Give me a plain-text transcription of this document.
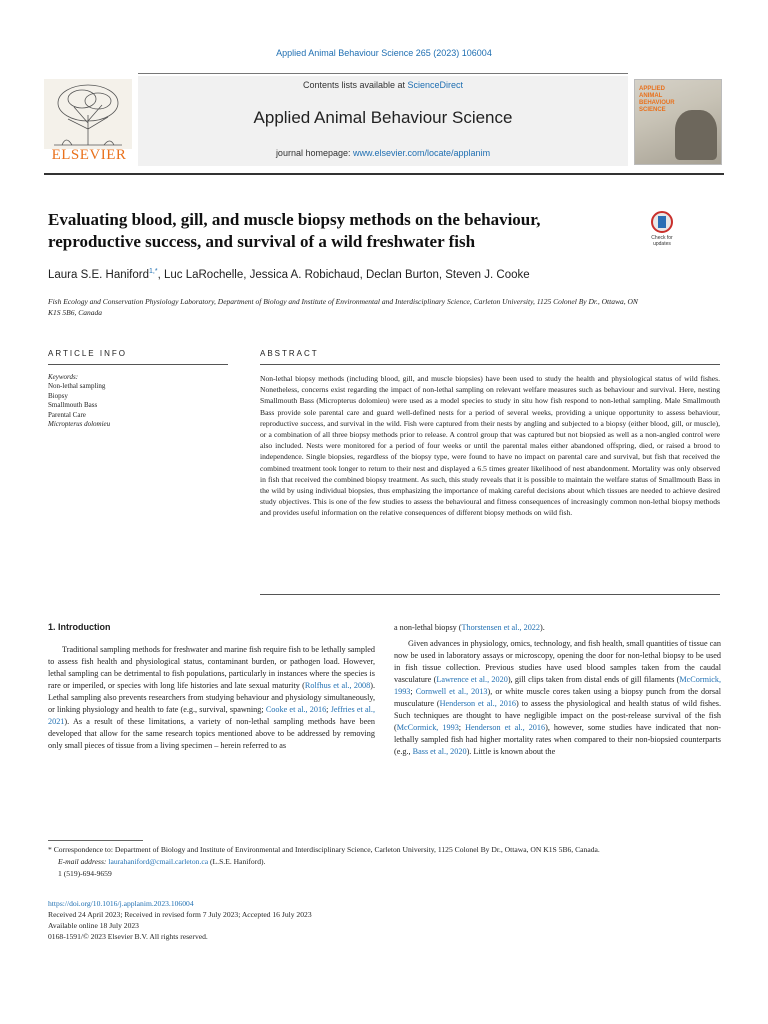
Applied Animal Behaviour Science 265 (2023) 106004
ELSEVIER
Contents lists available at ScienceDirect
Applied Animal Behaviour Science
journal homepage: www.elsevier.com/locate/applanim
APPLIED ANIMAL BEHAVIOUR SCIENCE
Evaluating blood, gill, and muscle biopsy methods on the behaviour, reproductive success, and survival of a wild freshwater fish	Check for updates
Laura S.E. Haniford$^{1,*}$, Luc LaRochelle, Jessica A. Robichaud, Declan Burton, Steven J. Cooke
Fish Ecology and Conservation Physiology Laboratory, Department of Biology and Institute of Environmental and Interdisciplinary Science, Carleton University, 1125 Colonel By Dr., Ottawa, ON K1S 5B6, Canada
ARTICLE INFO
Keywords:
Non-lethal sampling
Biopsy
Smallmouth Bass
Parental Care
Micropterus dolomieu
ABSTRACT
Non-lethal biopsy methods (including blood, gill, and muscle biopsies) have been used to study the health and physiological status of wild fishes. Nonetheless, concerns exist regarding the impact of non-lethal sampling on relevant welfare measures such as behaviour and survival. Here, nesting Smallmouth Bass (Micropterus dolomieu) were used as a model species to study in situ how fish respond to non-lethal sampling. Male Smallmouth Bass provide sole parental care and guard well-defined nests for a period of several weeks, providing a unique opportunity to assess behaviour, reproductive success, and survival in the wild. Fish were captured from their nests by angling and subjected to a biopsy (either blood, gill, or muscle), or a combination of all three biopsy methods prior to release. A control group that was captured but not biopsied as well as a non-angled control were also included. Nests were monitored for a period of four weeks or until the parental males either abandoned offspring, died, or raised a brood to independence. Single biopsies, regardless of the biopsy type, were found to have no impact on parental care and survival, but fish that received the combined treatment took longer to return to their nest and displayed a 6.5 times greater likelihood of nest abandonment. Mortality was only observed in fish that received the combined biopsy treatment. As such, this study reveals that it is possible to maintain the welfare status of Smallmouth Bass in the wild by using individual biopsies, thus emphasizing the importance of making careful decisions about which tissues are needed to achieve desired study objectives. This is one of the few studies to assess the behavioural and fitness consequences of increasingly common non-lethal biopsy methods and provides useful information on the relative consequences of different biopsy methods on wild fish.
1. Introduction

Traditional sampling methods for freshwater and marine fish require fish to be lethally sampled to assess fish health and physiological status, contaminant burden, or pathogen load. However, lethal sampling can be detrimental to fish populations, particularly in instances where the species is rare or imperiled, or species with long life histories and late sexual maturity (Rolfhus et al., 2008). Lethal sampling also prevents researchers from studying behaviour and physiology simultaneously, or linking physiology and health to fate (e.g., survival, spawning; Cooke et al., 2016; Jeffries et al., 2021). As a result of these limitations, a variety of non-lethal sampling methods have been developed that allow for the same research topics mentioned above to be addressed by removing only small pieces of tissue from a living specimen – herein referred to as

a non-lethal biopsy (Thorstensen et al., 2022).

Given advances in physiology, omics, technology, and fish health, small quantities of tissue can now be used in laboratory assays or microscopy, opening the door for non-lethal biopsy to be used in fish tissue collection. Previous studies have used blood samples taken from the caudal vasculature (Lawrence et al., 2020), gill clips taken from distal ends of gill filaments (McCormick, 1993; Cornwell et al., 2013), or white muscle cores taken using a biopsy punch from the dorsal musculature (Henderson et al., 2016) to assess the physiological and health status of wild fishes. Such techniques are thought to have negligible impact on the post-release survival of the fish (McCormick, 1993; Henderson et al., 2016), however, some studies have indicated that non-lethally sampled fish had higher mortality rates when compared to their non-biopsied counterparts (e.g., Bass et al., 2020). Little is known about the

* Correspondence to: Department of Biology and Institute of Environmental and Interdisciplinary Science, Carleton University, 1125 Colonel By Dr., Ottawa, ON K1S 5B6, Canada.
E-mail address: laurahaniford@cmail.carleton.ca (L.S.E. Haniford).
1 (519)-694-9659
https://doi.org/10.1016/j.applanim.2023.106004
Received 24 April 2023; Received in revised form 7 July 2023; Accepted 16 July 2023
Available online 18 July 2023
0168-1591/© 2023 Elsevier B.V. All rights reserved.
